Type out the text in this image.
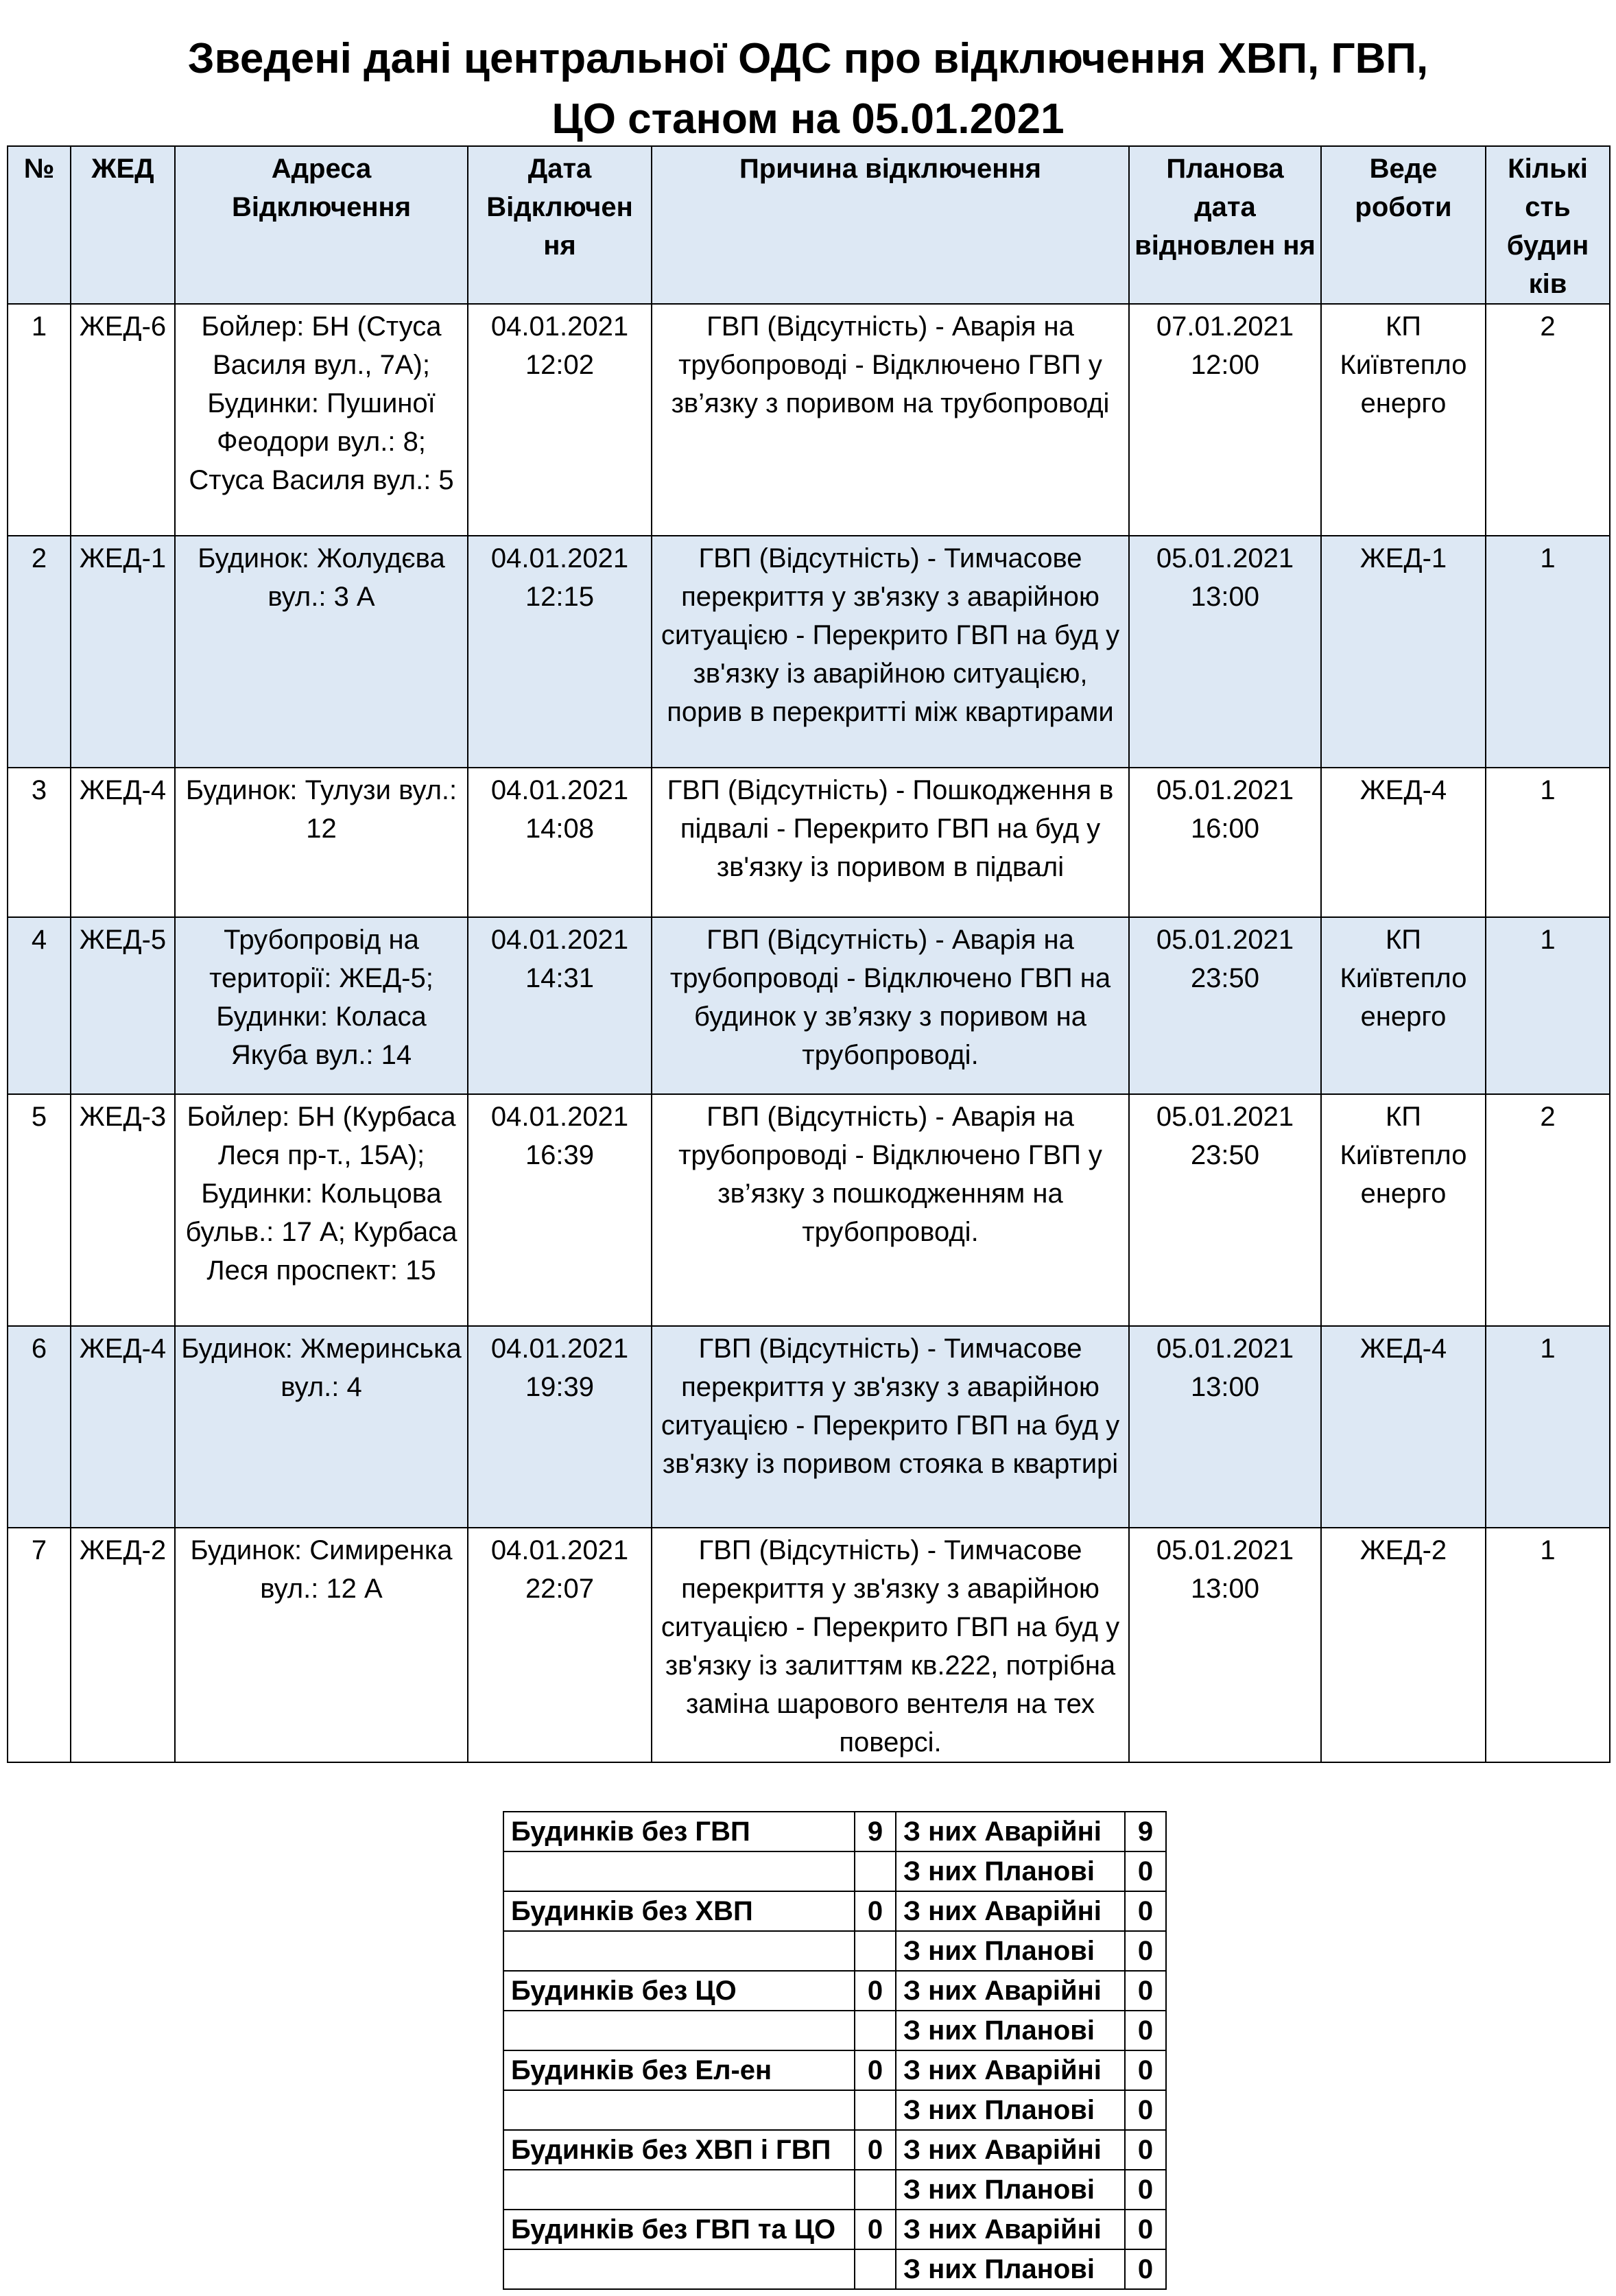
Зведені дані центральної ОДС про відключення ХВП, ГВП,
ЦО станом на 05.01.2021
№	ЖЕД	Адреса Відключення	Дата Відключен ня	Причина відключення	Планова дата відновлен ня	Веде роботи	Кількі сть будин ків
1	ЖЕД-6	Бойлер: БН (Стуса Василя вул., 7А); Будинки: Пушиної Феодори вул.: 8; Стуса Василя вул.: 5	04.01.2021 12:02	ГВП (Відсутність) - Аварія на трубопроводі - Відключено ГВП у зв’язку з поривом на трубопроводі	07.01.2021 12:00	КП Київтепло енерго	2
2	ЖЕД-1	Будинок: Жолудєва вул.: 3 А	04.01.2021 12:15	ГВП (Відсутність) - Тимчасове перекриття у зв'язку з аварійною ситуацією - Перекрито ГВП на буд у зв'язку із аварійною ситуацією, порив в перекритті між квартирами	05.01.2021 13:00	ЖЕД-1	1
3	ЖЕД-4	Будинок: Тулузи вул.: 12	04.01.2021 14:08	ГВП (Відсутність) - Пошкодження в підвалі - Перекрито ГВП на буд у зв'язку із поривом в підвалі	05.01.2021 16:00	ЖЕД-4	1
4	ЖЕД-5	Трубопровід на території: ЖЕД-5; Будинки: Коласа Якуба вул.: 14	04.01.2021 14:31	ГВП (Відсутність) - Аварія на трубопроводі - Відключено ГВП на будинок у зв’язку з поривом на трубопроводі.	05.01.2021 23:50	КП Київтепло енерго	1
5	ЖЕД-3	Бойлер: БН (Курбаса Леся пр-т., 15А); Будинки: Кольцова бульв.: 17 А; Курбаса Леся проспект: 15	04.01.2021 16:39	ГВП (Відсутність) - Аварія на трубопроводі - Відключено ГВП у зв’язку з пошкодженням на трубопроводі.	05.01.2021 23:50	КП Київтепло енерго	2
6	ЖЕД-4	Будинок: Жмеринська вул.: 4	04.01.2021 19:39	ГВП (Відсутність) - Тимчасове перекриття у зв'язку з аварійною ситуацією - Перекрито ГВП на буд у зв'язку із поривом стояка в квартирі	05.01.2021 13:00	ЖЕД-4	1
7	ЖЕД-2	Будинок: Симиренка вул.: 12 А	04.01.2021 22:07	ГВП (Відсутність) - Тимчасове перекриття у зв'язку з аварійною ситуацією - Перекрито ГВП на буд у зв'язку із залиттям кв.222, потрібна заміна шарового вентеля на тех поверсі.	05.01.2021 13:00	ЖЕД-2	1
Будинків без ГВП	9	З них Аварійні	9
		З них Планові	0
Будинків без ХВП	0	З них Аварійні	0
		З них Планові	0
Будинків без ЦО	0	З них Аварійні	0
		З них Планові	0
Будинків без Ел-ен	0	З них Аварійні	0
		З них Планові	0
Будинків без ХВП і ГВП	0	З них Аварійні	0
		З них Планові	0
Будинків без ГВП та ЦО	0	З них Аварійні	0
		З них Планові	0
